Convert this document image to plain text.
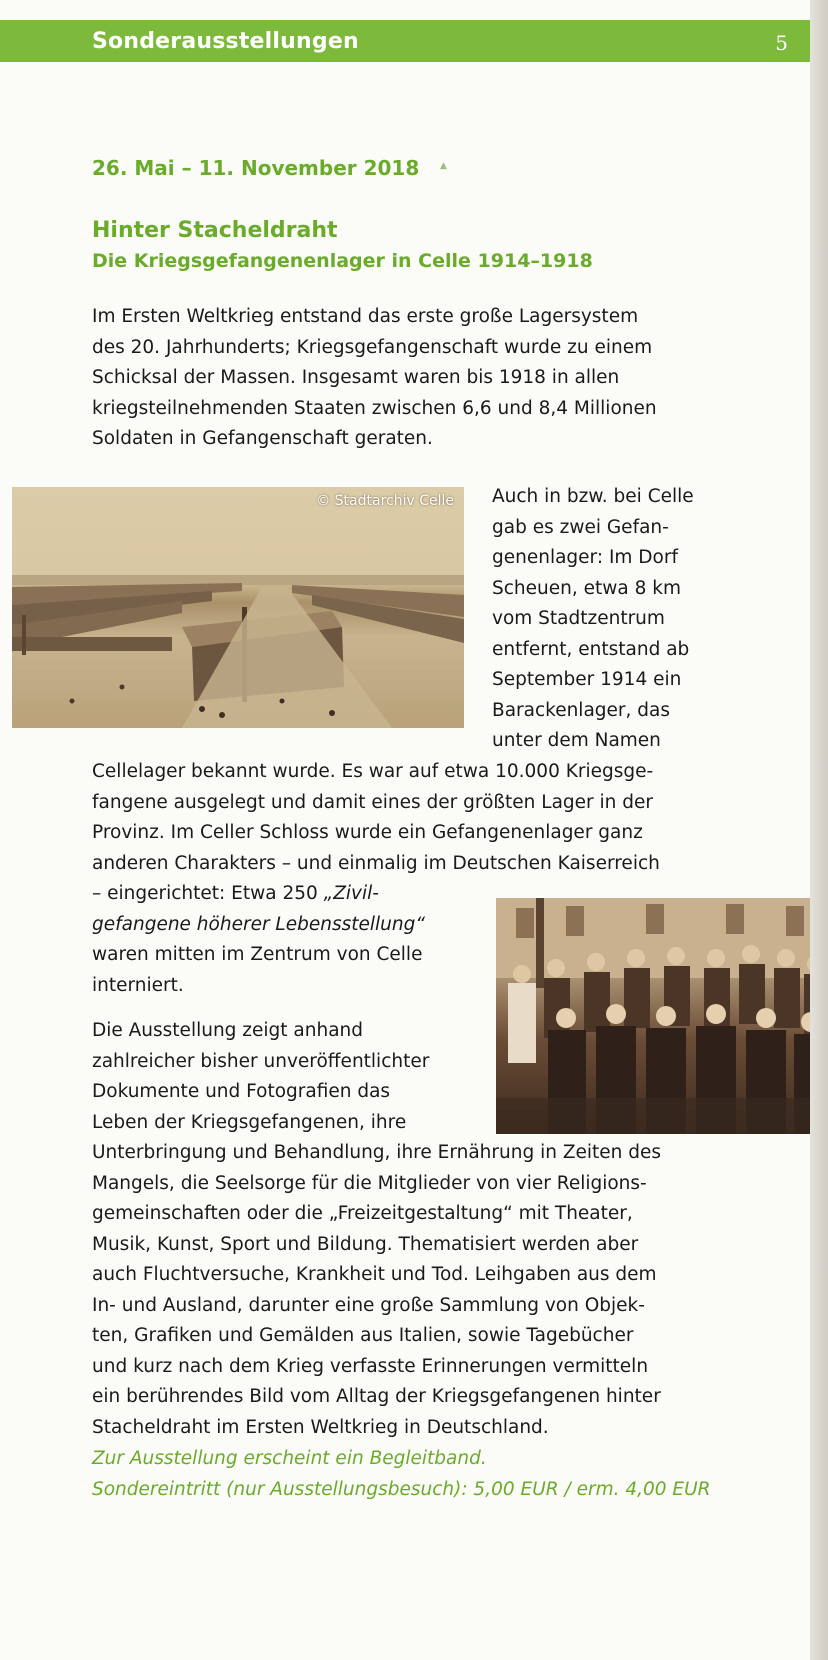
Sonderausstellungen	5
26. Mai – 11. November 2018 ▲
Hinter Stacheldraht
Die Kriegsgefangenenlager in Celle 1914–1918
Im Ersten Weltkrieg entstand das erste große Lagersystem
des 20. Jahrhunderts; Kriegsgefangenschaft wurde zu einem
Schicksal der Massen. Insgesamt waren bis 1918 in allen
kriegsteilnehmenden Staaten zwischen 6,6 und 8,4 Millionen
Soldaten in Gefangenschaft geraten.
© Stadtarchiv Celle Auch in bzw. bei Celle
gab es zwei Gefan-
genenlager: Im Dorf
Scheuen, etwa 8 km
vom Stadtzentrum
entfernt, entstand ab
September 1914 ein
Barackenlager, das
unter dem Namen
Cellelager bekannt wurde. Es war auf etwa 10.000 Kriegsge-
fangene ausgelegt und damit eines der größten Lager in der
Provinz. Im Celler Schloss wurde ein Gefangenenlager ganz
anderen Charakters – und einmalig im Deutschen Kaiserreich
– eingerichtet: Etwa 250 „Zivil-
gefangene höherer Lebensstellung“
waren mitten im Zentrum von Celle
interniert.
Die Ausstellung zeigt anhand
zahlreicher bisher unveröffentlichter
Dokumente und Fotografien das
Leben der Kriegsgefangenen, ihre
Unterbringung und Behandlung, ihre Ernährung in Zeiten des
Mangels, die Seelsorge für die Mitglieder von vier Religions-
gemeinschaften oder die „Freizeitgestaltung“ mit Theater,
Musik, Kunst, Sport und Bildung. Thematisiert werden aber
auch Fluchtversuche, Krankheit und Tod. Leihgaben aus dem
In- und Ausland, darunter eine große Sammlung von Objek-
ten, Grafiken und Gemälden aus Italien, sowie Tagebücher
und kurz nach dem Krieg verfasste Erinnerungen vermitteln
ein berührendes Bild vom Alltag der Kriegsgefangenen hinter
Stacheldraht im Ersten Weltkrieg in Deutschland.
Zur Ausstellung erscheint ein Begleitband.
Sondereintritt (nur Ausstellungsbesuch): 5,00 EUR / erm. 4,00 EUR
